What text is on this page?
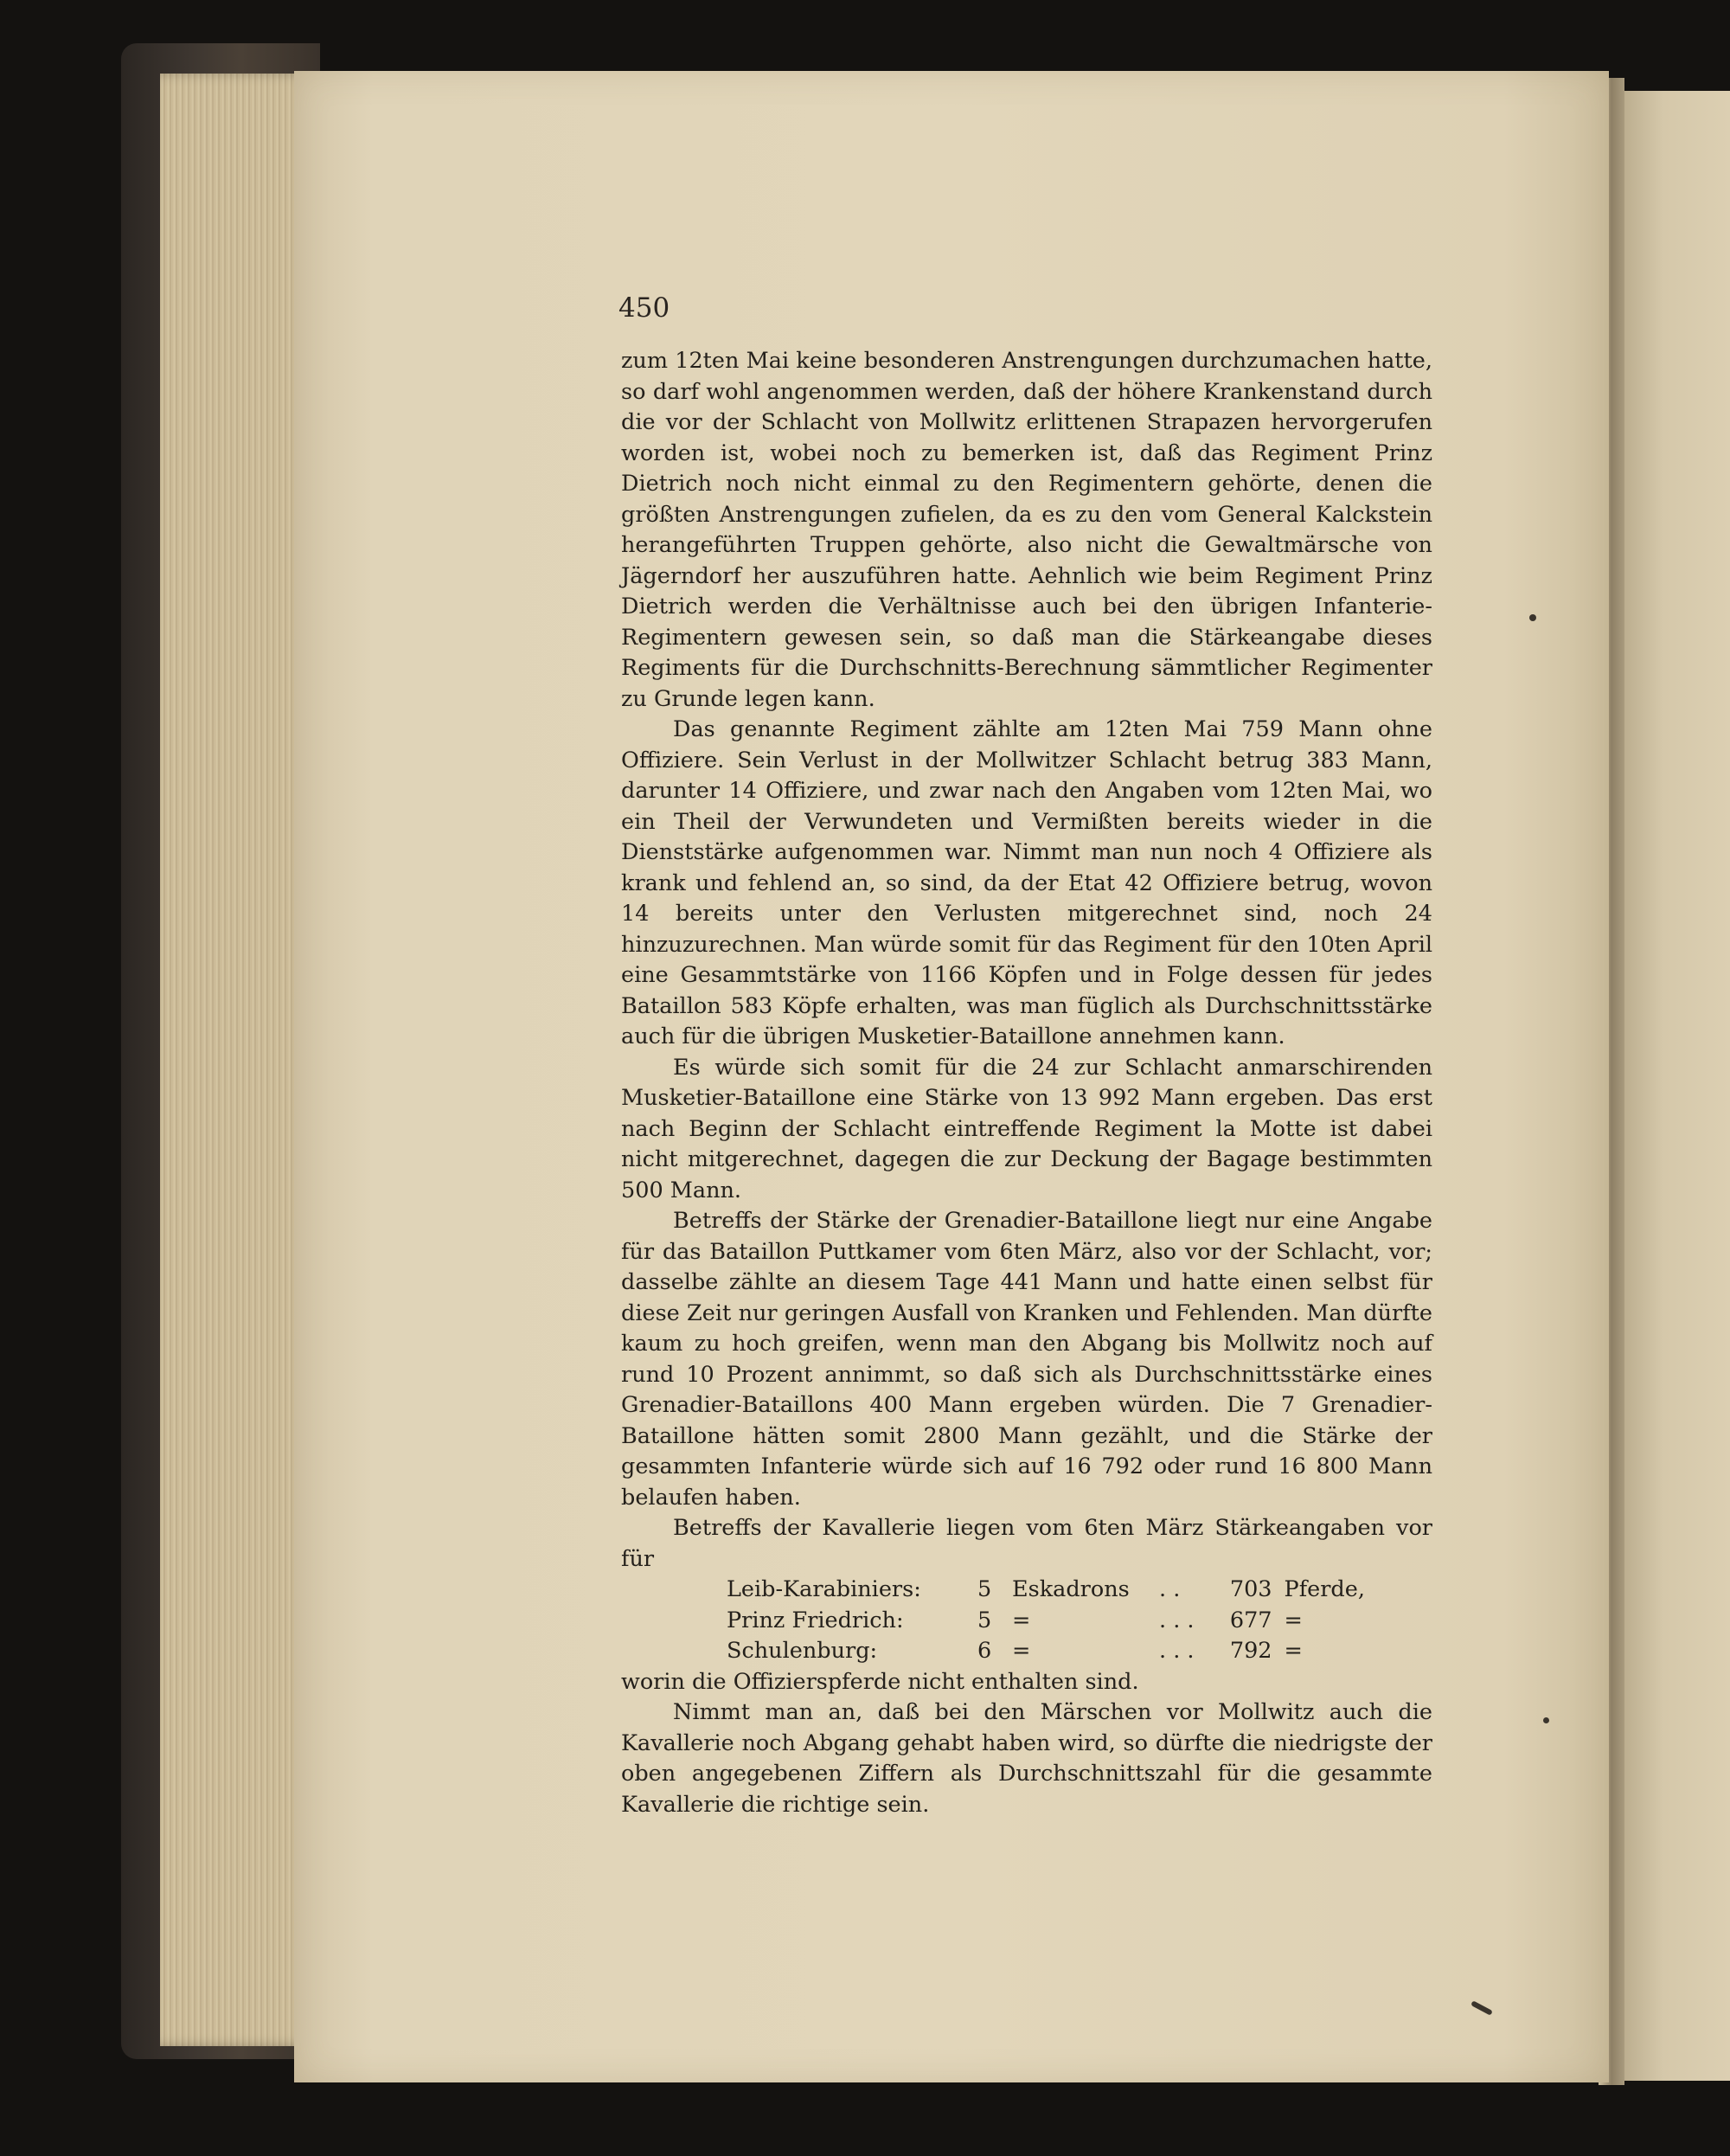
450

zum 12ten Mai keine besonderen Anstrengungen durchzumachen hatte, so darf wohl angenommen werden, daß der höhere Krankenstand durch die vor der Schlacht von Mollwitz erlittenen Strapazen hervorgerufen worden ist, wobei noch zu bemerken ist, daß das Regiment Prinz Dietrich noch nicht einmal zu den Regimentern gehörte, denen die größten Anstrengungen zufielen, da es zu den vom General Kalckstein herangeführten Truppen gehörte, also nicht die Gewaltmärsche von Jägerndorf her auszuführen hatte. Aehnlich wie beim Regiment Prinz Dietrich werden die Verhältnisse auch bei den übrigen Infanterie-Regimentern gewesen sein, so daß man die Stärkeangabe dieses Regiments für die Durchschnitts-Berechnung sämmtlicher Regimenter zu Grunde legen kann.

Das genannte Regiment zählte am 12ten Mai 759 Mann ohne Offiziere. Sein Verlust in der Mollwitzer Schlacht betrug 383 Mann, darunter 14 Offiziere, und zwar nach den Angaben vom 12ten Mai, wo ein Theil der Verwundeten und Vermißten bereits wieder in die Dienststärke aufgenommen war. Nimmt man nun noch 4 Offiziere als krank und fehlend an, so sind, da der Etat 42 Offiziere betrug, wovon 14 bereits unter den Verlusten mitgerechnet sind, noch 24 hinzuzurechnen. Man würde somit für das Regiment für den 10ten April eine Gesammtstärke von 1166 Köpfen und in Folge dessen für jedes Bataillon 583 Köpfe erhalten, was man füglich als Durchschnittsstärke auch für die übrigen Musketier-Bataillone annehmen kann.

Es würde sich somit für die 24 zur Schlacht anmarschirenden Musketier-Bataillone eine Stärke von 13 992 Mann ergeben. Das erst nach Beginn der Schlacht eintreffende Regiment la Motte ist dabei nicht mitgerechnet, dagegen die zur Deckung der Bagage bestimmten 500 Mann.

Betreffs der Stärke der Grenadier-Bataillone liegt nur eine Angabe für das Bataillon Puttkamer vom 6ten März, also vor der Schlacht, vor; dasselbe zählte an diesem Tage 441 Mann und hatte einen selbst für diese Zeit nur geringen Ausfall von Kranken und Fehlenden. Man dürfte kaum zu hoch greifen, wenn man den Abgang bis Mollwitz noch auf rund 10 Prozent annimmt, so daß sich als Durchschnittsstärke eines Grenadier-Bataillons 400 Mann ergeben würden. Die 7 Grenadier-Bataillone hätten somit 2800 Mann gezählt, und die Stärke der gesammten Infanterie würde sich auf 16 792 oder rund 16 800 Mann belaufen haben.

Betreffs der Kavallerie liegen vom 6ten März Stärkeangaben vor für

Leib-Karabiniers:	5	Eskadrons	. .	703	Pferde,
Prinz Friedrich:	5	=	. . .	677	=
Schulenburg:	6	=	. . .	792	=

worin die Offizierspferde nicht enthalten sind.

Nimmt man an, daß bei den Märschen vor Mollwitz auch die Kavallerie noch Abgang gehabt haben wird, so dürfte die niedrigste der oben angegebenen Ziffern als Durchschnittszahl für die gesammte Kavallerie die richtige sein.
